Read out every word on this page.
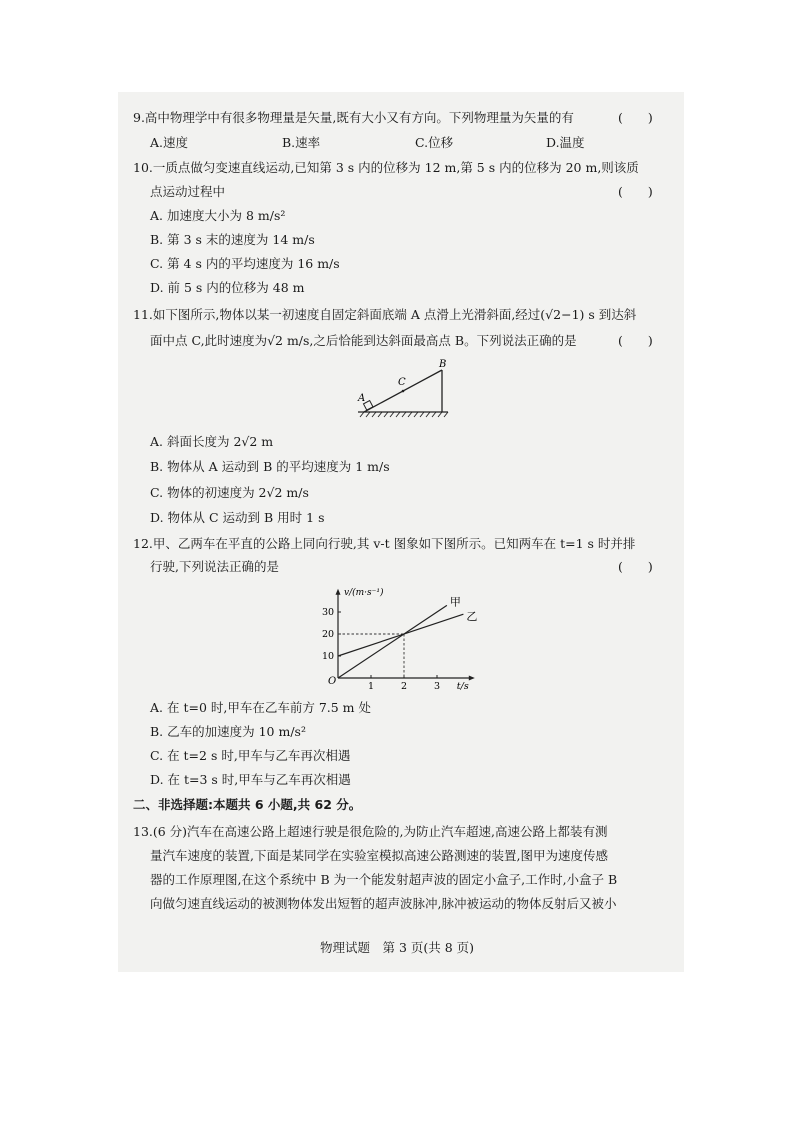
9.高中物理学中有很多物理量是矢量,既有大小又有方向。下列物理量为矢量的有	(　　)
A.速度	B.速率	C.位移	D.温度
10.一质点做匀变速直线运动,已知第 3 s 内的位移为 12 m,第 5 s 内的位移为 20 m,则该质
点运动过程中	(　　)
A. 加速度大小为 8 m/s²
B. 第 3 s 末的速度为 14 m/s
C. 第 4 s 内的平均速度为 16 m/s
D. 前 5 s 内的位移为 48 m
11.如下图所示,物体以某一初速度自固定斜面底端 A 点滑上光滑斜面,经过(√2−1) s 到达斜
面中点 C,此时速度为√2 m/s,之后恰能到达斜面最高点 B。下列说法正确的是	(　　)
A
C
B
A. 斜面长度为 2√2 m
B. 物体从 A 运动到 B 的平均速度为 1 m/s
C. 物体的初速度为 2√2 m/s
D. 物体从 C 运动到 B 用时 1 s
12.甲、乙两车在平直的公路上同向行驶,其 v-t 图象如下图所示。已知两车在 t=1 s 时并排
行驶,下列说法正确的是	(　　)
O	t/s
v/(m·s⁻¹)
1	2	3
10
20
30
甲
乙
A. 在 t=0 时,甲车在乙车前方 7.5 m 处
B. 乙车的加速度为 10 m/s²
C. 在 t=2 s 时,甲车与乙车再次相遇
D. 在 t=3 s 时,甲车与乙车再次相遇
二、非选择题:本题共 6 小题,共 62 分。
13.(6 分)汽车在高速公路上超速行驶是很危险的,为防止汽车超速,高速公路上都装有测
量汽车速度的装置,下面是某同学在实验室模拟高速公路测速的装置,图甲为速度传感
器的工作原理图,在这个系统中 B 为一个能发射超声波的固定小盒子,工作时,小盒子 B
向做匀速直线运动的被测物体发出短暂的超声波脉冲,脉冲被运动的物体反射后又被小
物理试题　第 3 页(共 8 页)
